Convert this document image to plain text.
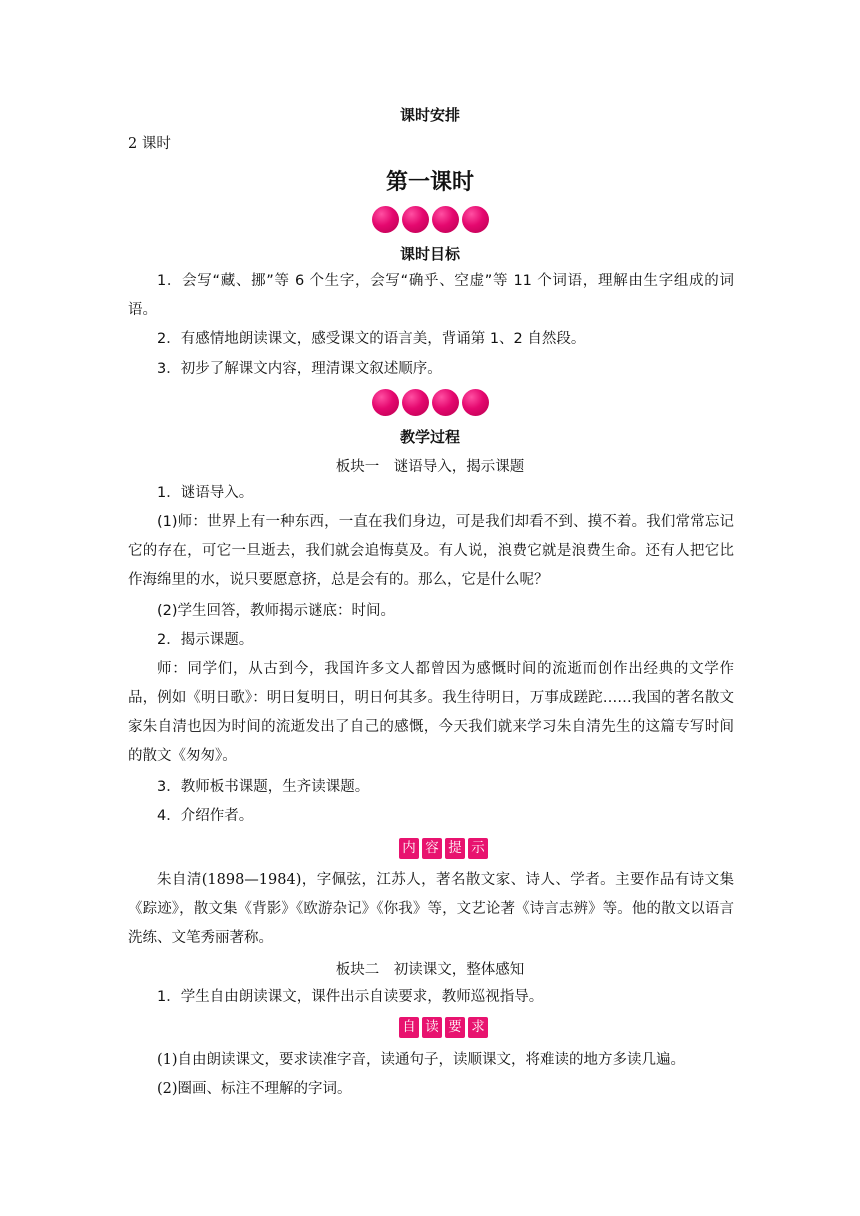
课时安排
2 课时
第一课时
课时目标
1．会写“藏、挪”等 6 个生字，会写“确乎、空虚”等 11 个词语，理解由生字组成的词语。
2．有感情地朗读课文，感受课文的语言美，背诵第 1、2 自然段。
3．初步了解课文内容，理清课文叙述顺序。
教学过程
板块一　谜语导入，揭示课题
1．谜语导入。
(1)师：世界上有一种东西，一直在我们身边，可是我们却看不到、摸不着。我们常常忘记它的存在，可它一旦逝去，我们就会追悔莫及。有人说，浪费它就是浪费生命。还有人把它比作海绵里的水，说只要愿意挤，总是会有的。那么，它是什么呢？
(2)学生回答，教师揭示谜底：时间。
2．揭示课题。
师：同学们，从古到今，我国许多文人都曾因为感慨时间的流逝而创作出经典的文学作品，例如《明日歌》：明日复明日，明日何其多。我生待明日，万事成蹉跎……我国的著名散文家朱自清也因为时间的流逝发出了自己的感慨，今天我们就来学习朱自清先生的这篇专写时间的散文《匆匆》。
3．教师板书课题，生齐读课题。
4．介绍作者。
内 容 提 示
朱自清(1898—1984)，字佩弦，江苏人，著名散文家、诗人、学者。主要作品有诗文集《踪迹》，散文集《背影》《欧游杂记》《你我》等，文艺论著《诗言志辨》等。他的散文以语言洗练、文笔秀丽著称。
板块二　初读课文，整体感知
1．学生自由朗读课文，课件出示自读要求，教师巡视指导。
自 读 要 求
(1)自由朗读课文，要求读准字音，读通句子，读顺课文，将难读的地方多读几遍。
(2)圈画、标注不理解的字词。
